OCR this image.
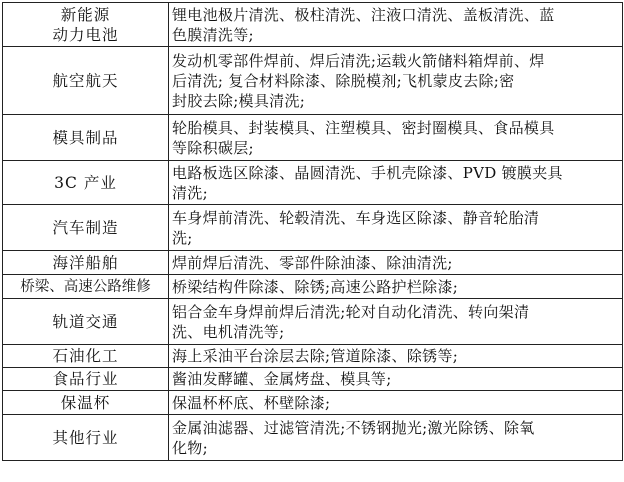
新能源
动力电池	锂电池极片清洗、极柱清洗、注液口清洗、盖板清洗、蓝
色膜清洗等;

航空航天	发动机零部件焊前、焊后清洗;运载火箭储料箱焊前、焊
后清洗; 复合材料除漆、除脱模剂;飞机蒙皮去除;密
封胶去除;模具清洗;

模具制品	轮胎模具、封装模具、注塑模具、密封圈模具、食品模具
等除积碳层;

3C 产业	电路板选区除漆、晶圆清洗、手机壳除漆、PVD 镀膜夹具
清洗;

汽车制造	车身焊前清洗、轮毂清洗、车身选区除漆、静音轮胎清
洗;

海洋船舶	焊前焊后清洗、零部件除油漆、除油清洗;

桥梁、高速公路维修	桥梁结构件除漆、除锈;高速公路护栏除漆;

轨道交通	铝合金车身焊前焊后清洗;轮对自动化清洗、转向架清
洗、电机清洗等;

石油化工	海上采油平台涂层去除;管道除漆、除锈等;

食品行业	酱油发酵罐、金属烤盘、模具等;

保温杯	保温杯杯底、杯壁除漆;

其他行业	金属油滤器、过滤管清洗;不锈钢抛光;激光除锈、除氧
化物;
